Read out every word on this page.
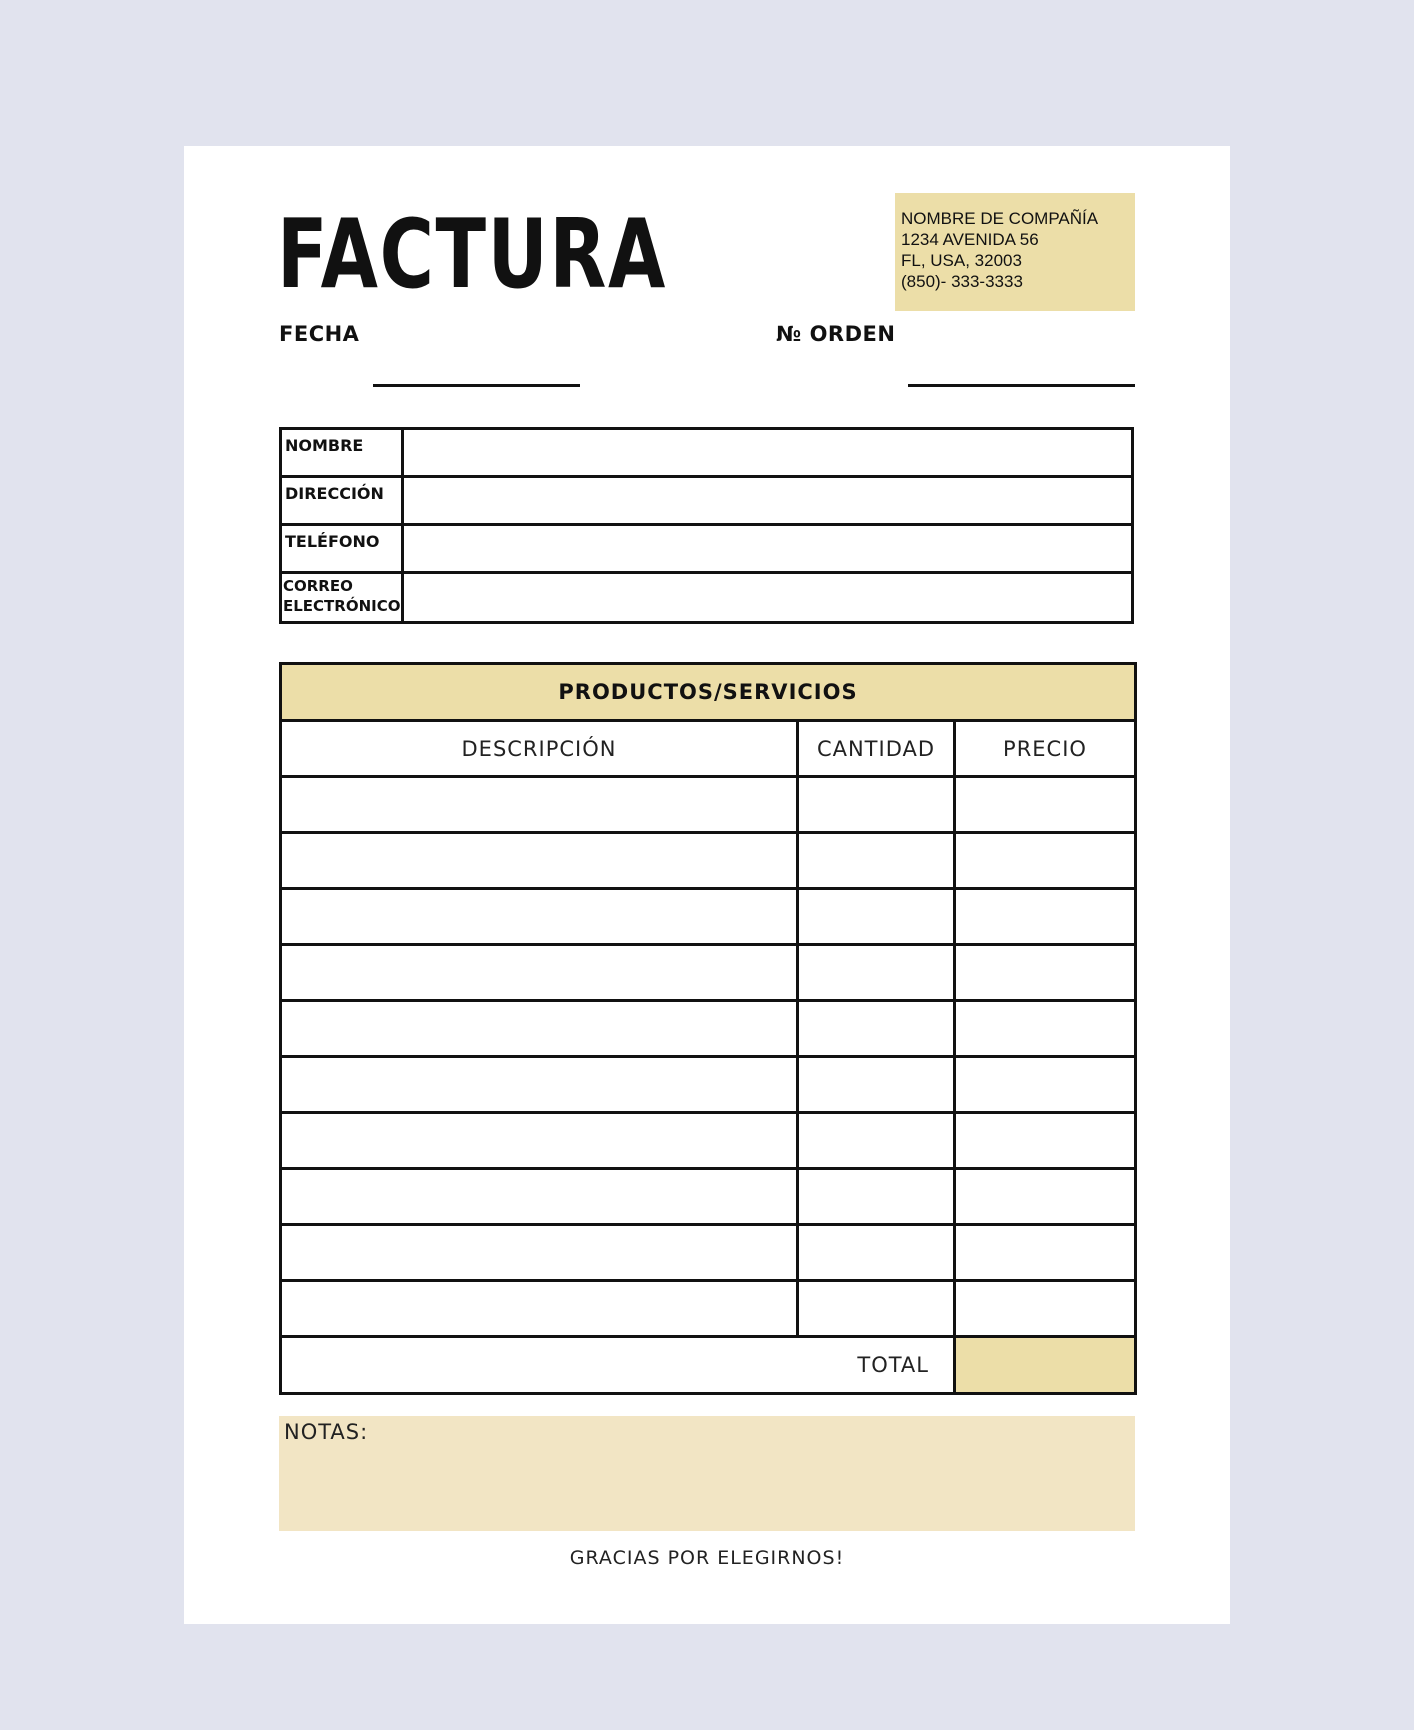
FACTURA	NOMBRE DE COMPAÑÍA
1234 AVENIDA 56
FL, USA, 32003
(850)- 333-3333
FECHA	№ ORDEN
NOMBRE	
DIRECCIÓN	
TELÉFONO	
CORREO ELECTRÓNICO	
PRODUCTOS/SERVICIOS		
DESCRIPCIÓN	CANTIDAD	PRECIO

TOTAL		
NOTAS:
GRACIAS POR ELEGIRNOS!
